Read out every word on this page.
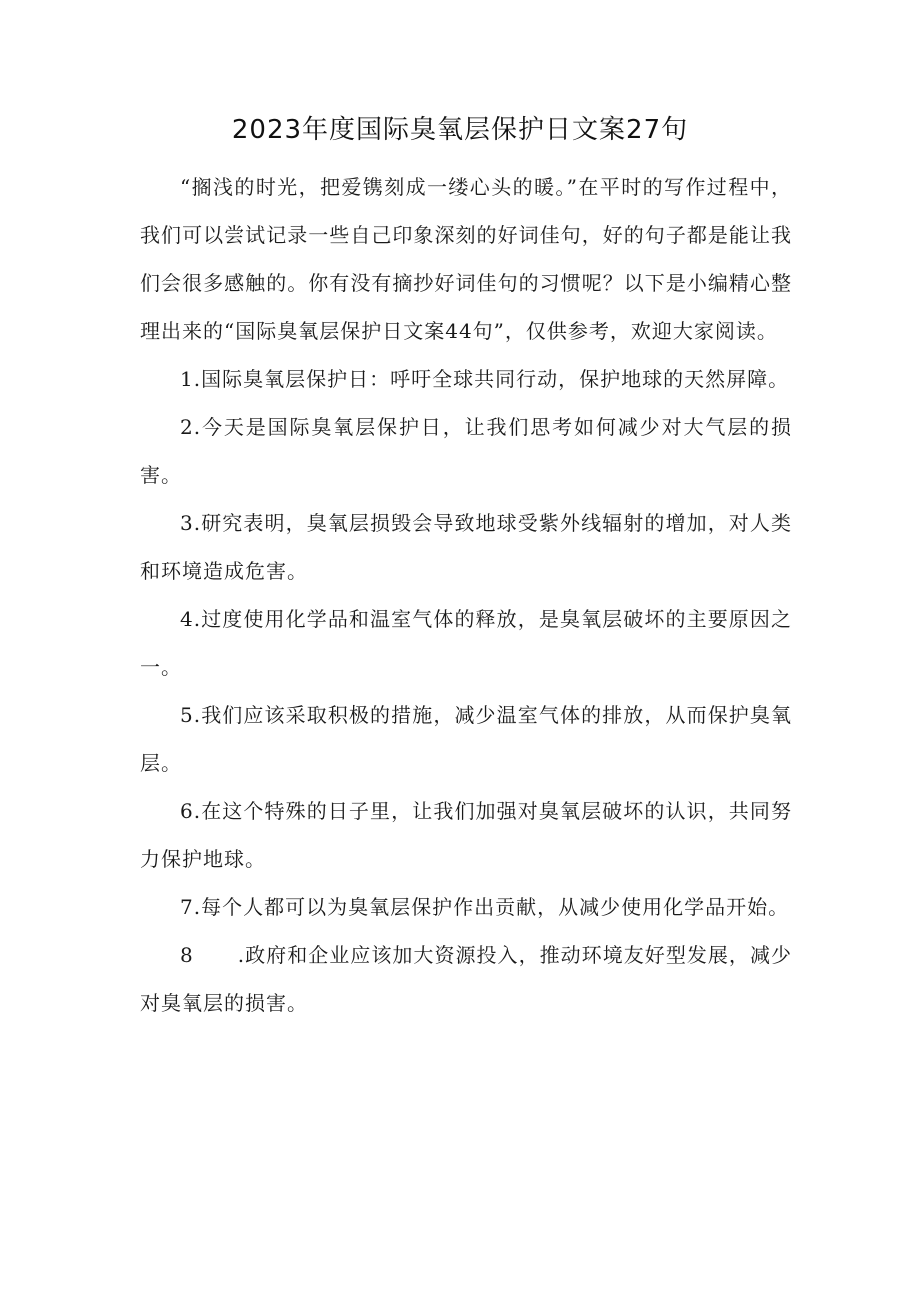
2023年度国际臭氧层保护日文案27句

“搁浅的时光，把爱镌刻成一缕心头的暖。”在平时的写作过程中，我们可以尝试记录一些自己印象深刻的好词佳句，好的句子都是能让我们会很多感触的。你有没有摘抄好词佳句的习惯呢？以下是小编精心整理出来的“国际臭氧层保护日文案44句”，仅供参考，欢迎大家阅读。

1.国际臭氧层保护日：呼吁全球共同行动，保护地球的天然屏障。

2.今天是国际臭氧层保护日，让我们思考如何减少对大气层的损害。

3.研究表明，臭氧层损毁会导致地球受紫外线辐射的增加，对人类和环境造成危害。

4.过度使用化学品和温室气体的释放，是臭氧层破坏的主要原因之一。

5.我们应该采取积极的措施，减少温室气体的排放，从而保护臭氧层。

6.在这个特殊的日子里，让我们加强对臭氧层破坏的认识，共同努力保护地球。

7.每个人都可以为臭氧层保护作出贡献，从减少使用化学品开始。

8 .政府和企业应该加大资源投入，推动环境友好型发展，减少对臭氧层的损害。
